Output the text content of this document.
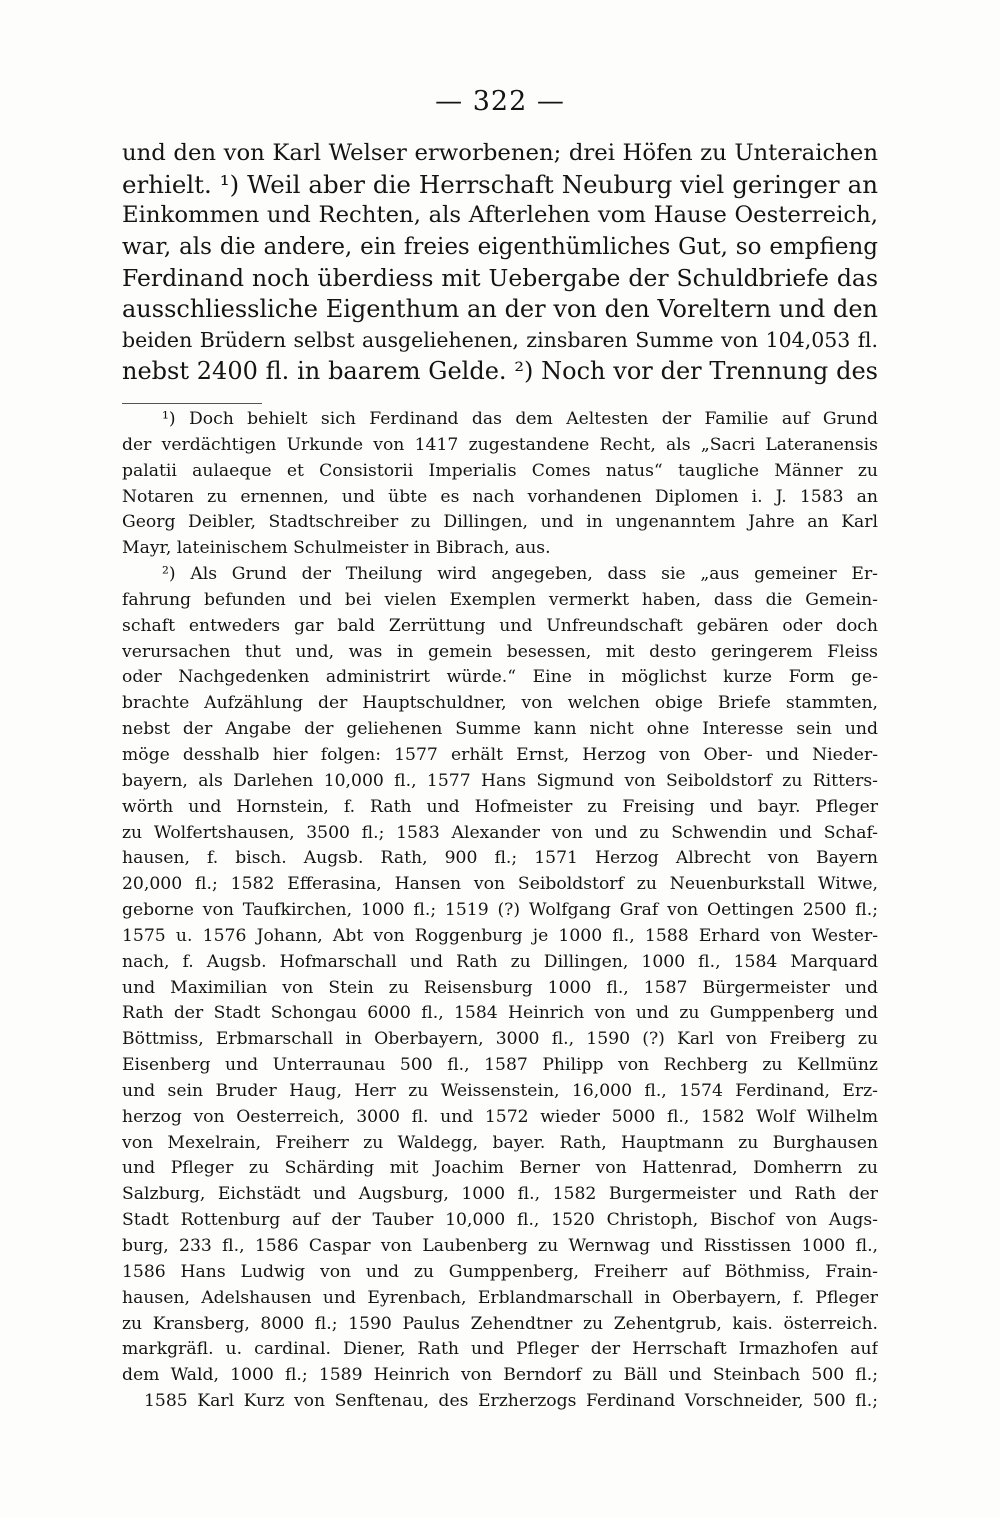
— 322 —
und den von Karl Welser erworbenen; drei Höfen zu Unteraichen
erhielt. ¹) Weil aber die Herrschaft Neuburg viel geringer an
Einkommen und Rechten, als Afterlehen vom Hause Oesterreich,
war, als die andere, ein freies eigenthümliches Gut, so empfieng
Ferdinand noch überdiess mit Uebergabe der Schuldbriefe das
ausschliessliche Eigenthum an der von den Voreltern und den
beiden Brüdern selbst ausgeliehenen, zinsbaren Summe von 104,053 fl.
nebst 2400 fl. in baarem Gelde. ²) Noch vor der Trennung des
¹) Doch behielt sich Ferdinand das dem Aeltesten der Familie auf Grund
der verdächtigen Urkunde von 1417 zugestandene Recht, als „Sacri Lateranensis
palatii aulaeque et Consistorii Imperialis Comes natus“ taugliche Männer zu
Notaren zu ernennen, und übte es nach vorhandenen Diplomen i. J. 1583 an
Georg Deibler, Stadtschreiber zu Dillingen, und in ungenanntem Jahre an Karl
Mayr, lateinischem Schulmeister in Bibrach, aus.
²) Als Grund der Theilung wird angegeben, dass sie „aus gemeiner Er-
fahrung befunden und bei vielen Exemplen vermerkt haben, dass die Gemein-
schaft entweders gar bald Zerrüttung und Unfreundschaft gebären oder doch
verursachen thut und, was in gemein besessen, mit desto geringerem Fleiss
oder Nachgedenken administrirt würde.“ Eine in möglichst kurze Form ge-
brachte Aufzählung der Hauptschuldner, von welchen obige Briefe stammten,
nebst der Angabe der geliehenen Summe kann nicht ohne Interesse sein und
möge desshalb hier folgen: 1577 erhält Ernst, Herzog von Ober- und Nieder-
bayern, als Darlehen 10,000 fl., 1577 Hans Sigmund von Seiboldstorf zu Ritters-
wörth und Hornstein, f. Rath und Hofmeister zu Freising und bayr. Pfleger
zu Wolfertshausen, 3500 fl.; 1583 Alexander von und zu Schwendin und Schaf-
hausen, f. bisch. Augsb. Rath, 900 fl.; 1571 Herzog Albrecht von Bayern
20,000 fl.; 1582 Efferasina, Hansen von Seiboldstorf zu Neuenburkstall Witwe,
geborne von Taufkirchen, 1000 fl.; 1519 (?) Wolfgang Graf von Oettingen 2500 fl.;
1575 u. 1576 Johann, Abt von Roggenburg je 1000 fl., 1588 Erhard von Wester-
nach, f. Augsb. Hofmarschall und Rath zu Dillingen, 1000 fl., 1584 Marquard
und Maximilian von Stein zu Reisensburg 1000 fl., 1587 Bürgermeister und
Rath der Stadt Schongau 6000 fl., 1584 Heinrich von und zu Gumppenberg und
Böttmiss, Erbmarschall in Oberbayern, 3000 fl., 1590 (?) Karl von Freiberg zu
Eisenberg und Unterraunau 500 fl., 1587 Philipp von Rechberg zu Kellmünz
und sein Bruder Haug, Herr zu Weissenstein, 16,000 fl., 1574 Ferdinand, Erz-
herzog von Oesterreich, 3000 fl. und 1572 wieder 5000 fl., 1582 Wolf Wilhelm
von Mexelrain, Freiherr zu Waldegg, bayer. Rath, Hauptmann zu Burghausen
und Pfleger zu Schärding mit Joachim Berner von Hattenrad, Domherrn zu
Salzburg, Eichstädt und Augsburg, 1000 fl., 1582 Burgermeister und Rath der
Stadt Rottenburg auf der Tauber 10,000 fl., 1520 Christoph, Bischof von Augs-
burg, 233 fl., 1586 Caspar von Laubenberg zu Wernwag und Risstissen 1000 fl.,
1586 Hans Ludwig von und zu Gumppenberg, Freiherr auf Böthmiss, Frain-
hausen, Adelshausen und Eyrenbach, Erblandmarschall in Oberbayern, f. Pfleger
zu Kransberg, 8000 fl.; 1590 Paulus Zehendtner zu Zehentgrub, kais. österreich.
markgräfl. u. cardinal. Diener, Rath und Pfleger der Herrschaft Irmazhofen auf
dem Wald, 1000 fl.; 1589 Heinrich von Berndorf zu Bäll und Steinbach 500 fl.;
1585 Karl Kurz von Senftenau, des Erzherzogs Ferdinand Vorschneider, 500 fl.;
